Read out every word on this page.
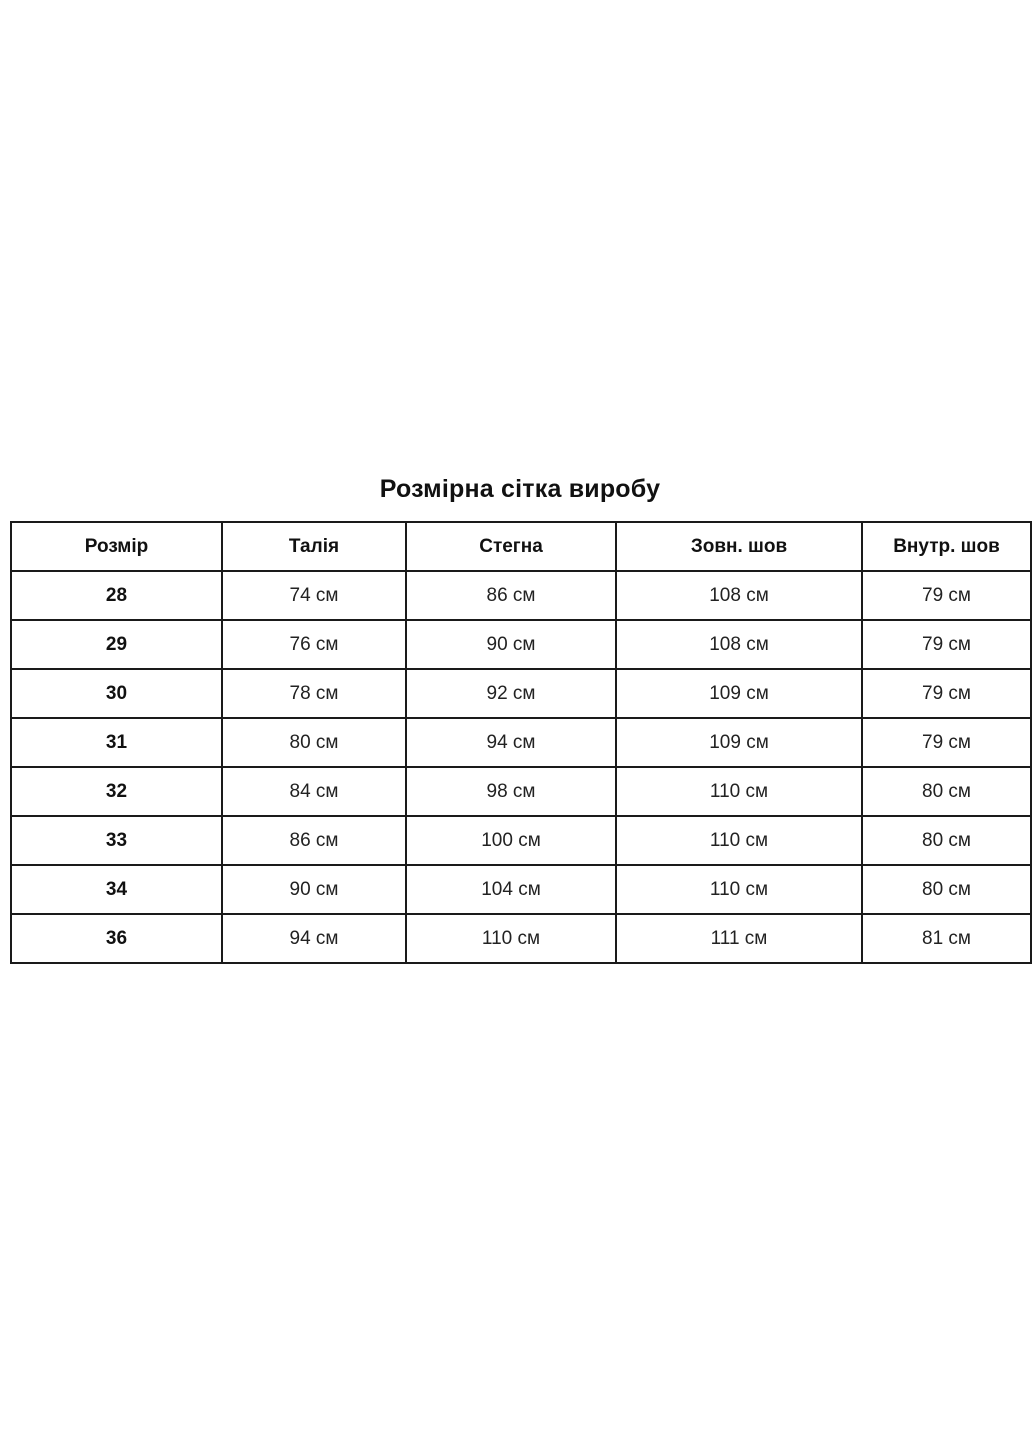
Розмірна сітка виробу
Розмір	Талія	Стегна	Зовн. шов	Внутр. шов
28	74 см	86 см	108 см	79 см
29	76 см	90 см	108 см	79 см
30	78 см	92 см	109 см	79 см
31	80 см	94 см	109 см	79 см
32	84 см	98 см	110 см	80 см
33	86 см	100 см	110 см	80 см
34	90 см	104 см	110 см	80 см
36	94 см	110 см	111 см	81 см
